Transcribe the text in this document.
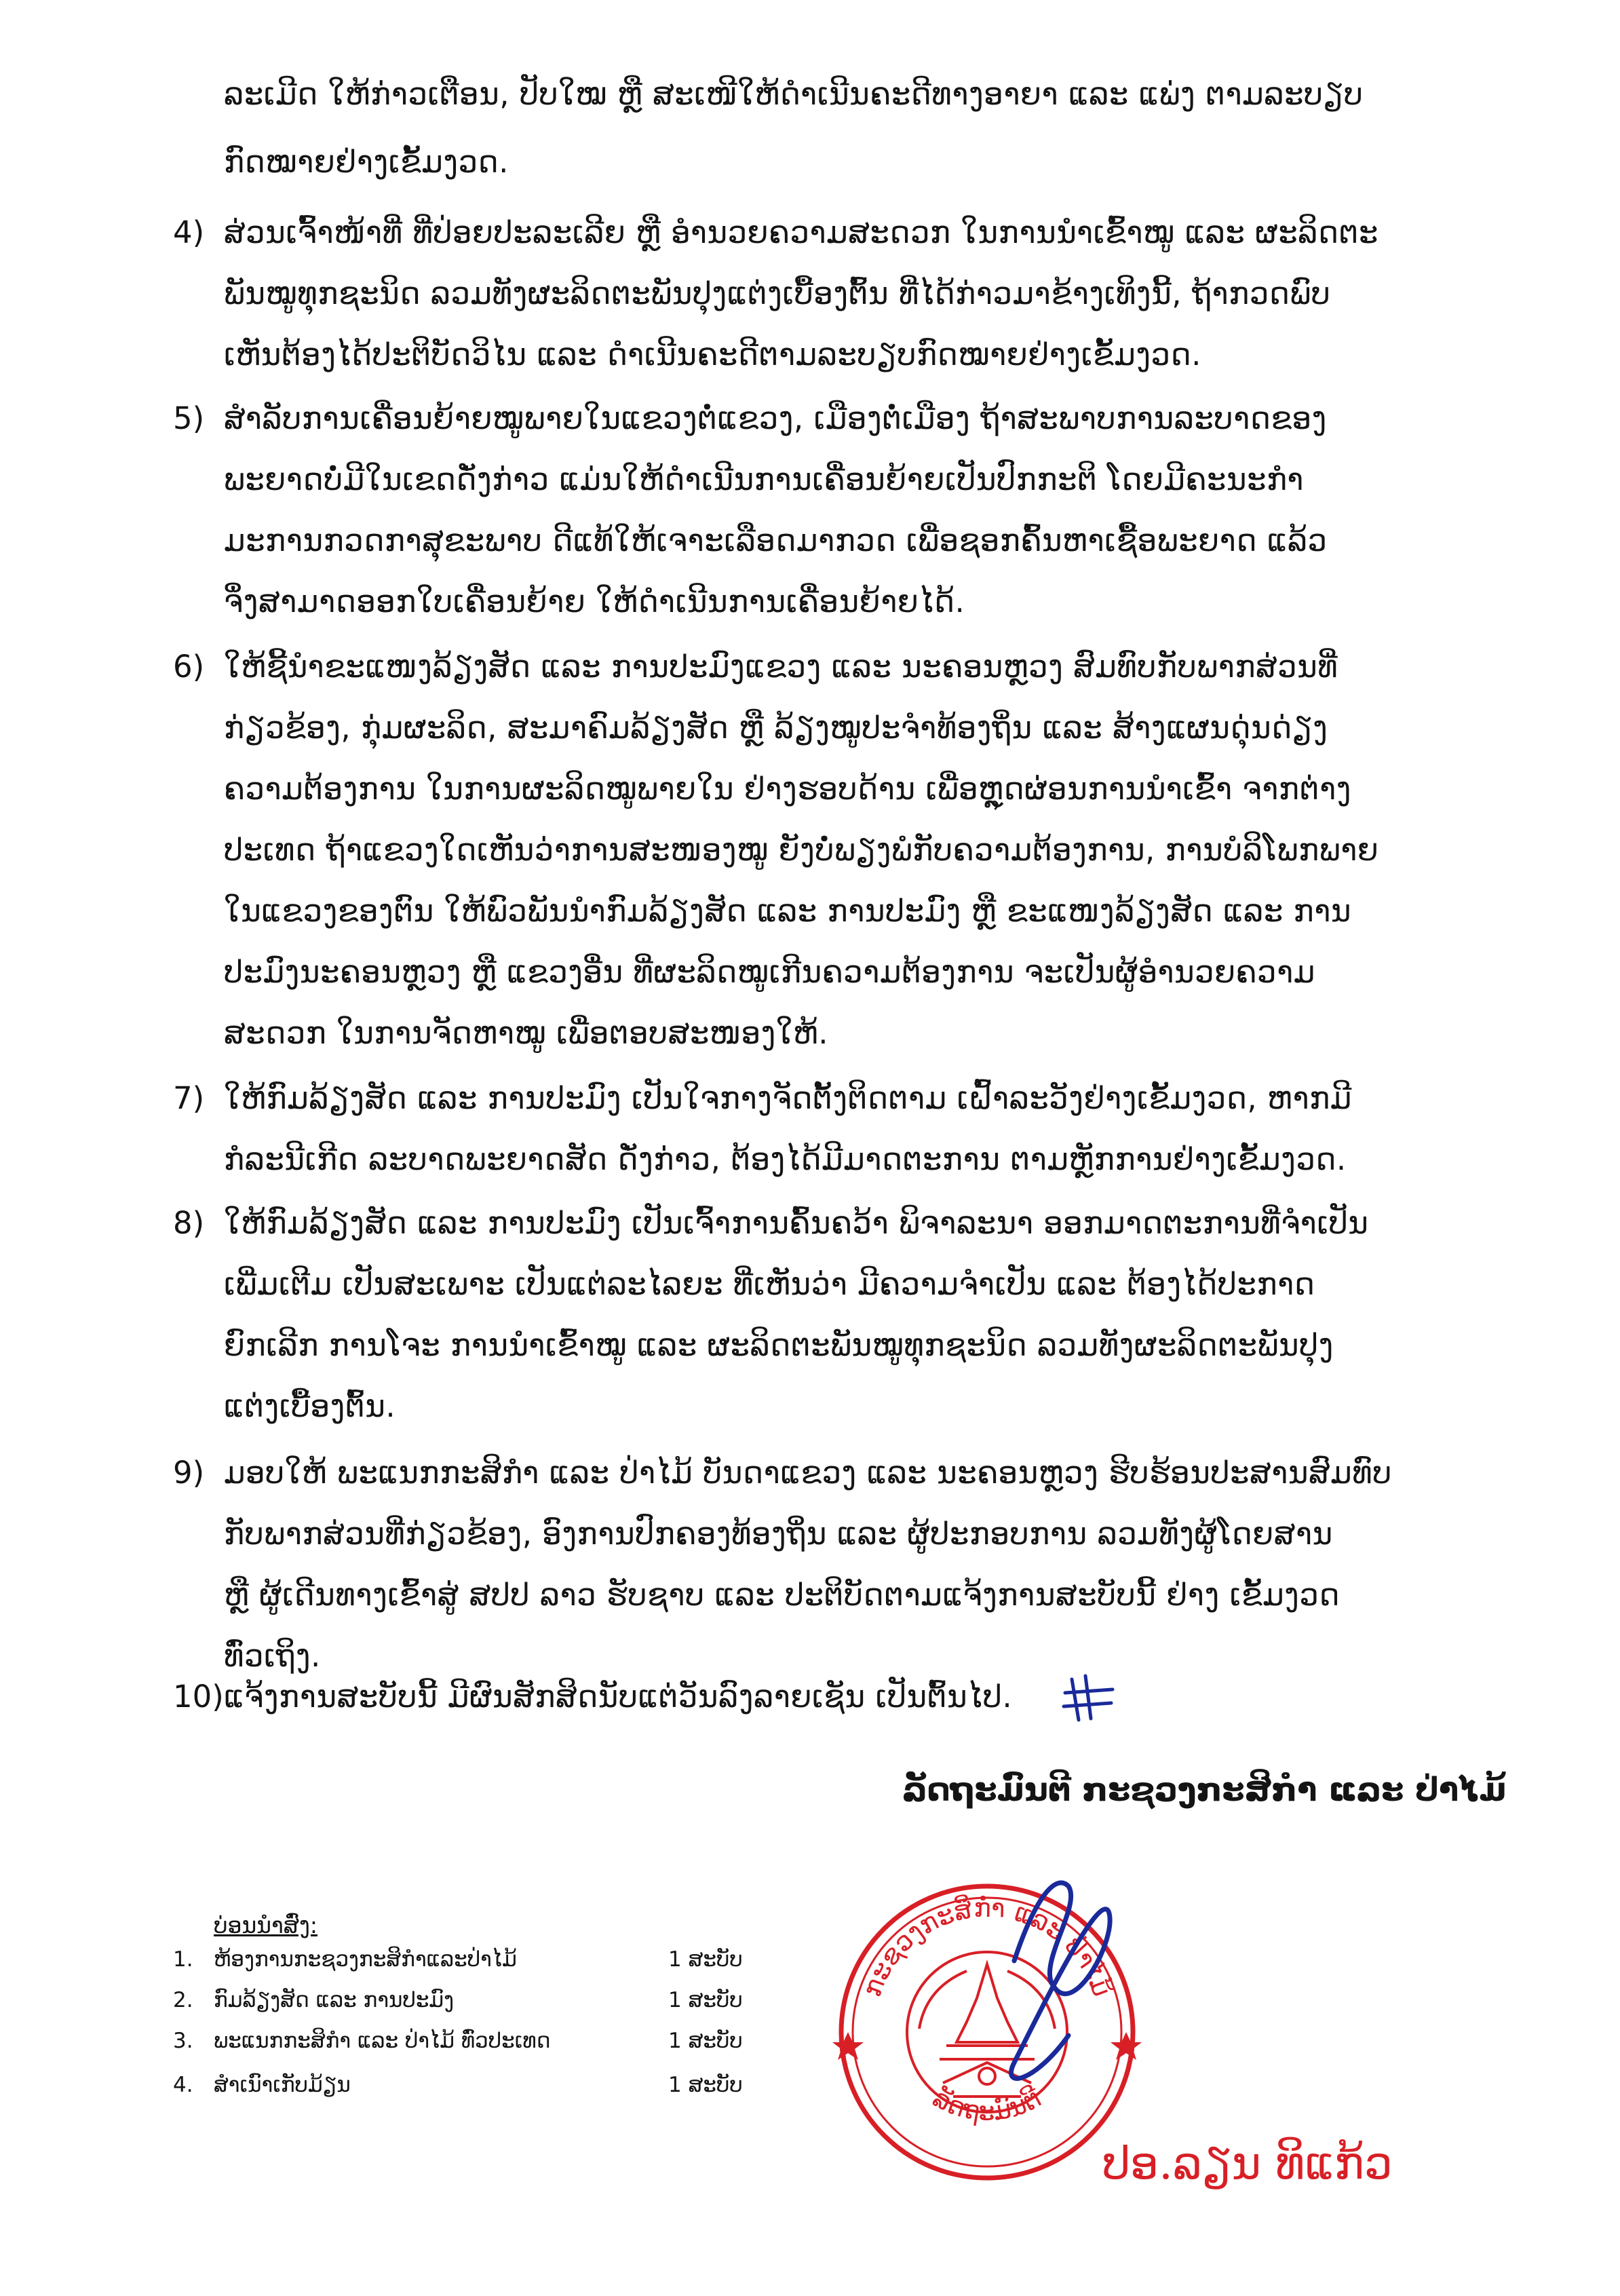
ລະເມີດ ໃຫ້ກ່າວເຕືອນ, ປັບໃໝ ຫຼື ສະເໜີໃຫ້ດຳເນີນຄະດີທາງອາຍາ ແລະ ແພ່ງ ຕາມລະບຽບ
ກົດໝາຍຢ່າງເຂັ້ມງວດ.
4) ສ່ວນເຈົ້າໜ້າທີ່ ທີ່ປ່ອຍປະລະເລີຍ ຫຼື ອຳນວຍຄວາມສະດວກ ໃນການນຳເຂົ້າໝູ ແລະ ຜະລິດຕະ
ພັນໝູທຸກຊະນິດ ລວມທັງຜະລິດຕະພັນປຸງແຕ່ງເບື້ອງຕົ້ນ ທີ່ໄດ້ກ່າວມາຂ້າງເທິງນີ້, ຖ້າກວດພົບ
ເຫັນຕ້ອງໄດ້ປະຕິບັດວິໄນ ແລະ ດຳເນີນຄະດີຕາມລະບຽບກົດໝາຍຢ່າງເຂັ້ມງວດ.
5) ສຳລັບການເຄື່ອນຍ້າຍໝູພາຍໃນແຂວງຕໍ່ແຂວງ, ເມືອງຕໍ່ເມືອງ ຖ້າສະພາບການລະບາດຂອງ
ພະຍາດບໍ່ມີໃນເຂດດັ່ງກ່າວ ແມ່ນໃຫ້ດຳເນີນການເຄື່ອນຍ້າຍເປັນປົກກະຕິ ໂດຍມີຄະນະກຳ
ມະການກວດກາສຸຂະພາບ ດີແທ້ໃຫ້ເຈາະເລືອດມາກວດ ເພື່ອຊອກຄົ້ນຫາເຊື້ອພະຍາດ ແລ້ວ
ຈຶ່ງສາມາດອອກໃບເຄື່ອນຍ້າຍ ໃຫ້ດຳເນີນການເຄື່ອນຍ້າຍໄດ້.
6) ໃຫ້ຊີ້ນຳຂະແໜງລ້ຽງສັດ ແລະ ການປະມົງແຂວງ ແລະ ນະຄອນຫຼວງ ສົມທົບກັບພາກສ່ວນທີ່
ກ່ຽວຂ້ອງ, ກຸ່ມຜະລິດ, ສະມາຄົມລ້ຽງສັດ ຫຼື ລ້ຽງໝູປະຈຳທ້ອງຖິ່ນ ແລະ ສ້າງແຜນດຸ່ນດ່ຽງ
ຄວາມຕ້ອງການ ໃນການຜະລິດໝູພາຍໃນ ຢ່າງຮອບດ້ານ ເພື່ອຫຼຸດຜ່ອນການນຳເຂົ້າ ຈາກຕ່າງ
ປະເທດ ຖ້າແຂວງໃດເຫັນວ່າການສະໜອງໝູ ຍັງບໍ່ພຽງພໍກັບຄວາມຕ້ອງການ, ການບໍລິໂພກພາຍ
ໃນແຂວງຂອງຕົນ ໃຫ້ພົວພັນນຳກົມລ້ຽງສັດ ແລະ ການປະມົງ ຫຼື ຂະແໜງລ້ຽງສັດ ແລະ ການ
ປະມົງນະຄອນຫຼວງ ຫຼື ແຂວງອື່ນ ທີ່ຜະລິດໝູເກີນຄວາມຕ້ອງການ ຈະເປັນຜູ້ອຳນວຍຄວາມ
ສະດວກ ໃນການຈັດຫາໝູ ເພື່ອຕອບສະໜອງໃຫ້.
7) ໃຫ້ກົມລ້ຽງສັດ ແລະ ການປະມົງ ເປັນໃຈກາງຈັດຕັ້ງຕິດຕາມ ເຝົ້າລະວັງຢ່າງເຂັ້ມງວດ, ຫາກມີ
ກໍລະນີເກີດ ລະບາດພະຍາດສັດ ດັ່ງກ່າວ, ຕ້ອງໄດ້ມີມາດຕະການ ຕາມຫຼັກການຢ່າງເຂັ້ມງວດ.
8) ໃຫ້ກົມລ້ຽງສັດ ແລະ ການປະມົງ ເປັນເຈົ້າການຄົ້ນຄວ້າ ພິຈາລະນາ ອອກມາດຕະການທີ່ຈຳເປັນ
ເພີ່ມເຕີມ ເປັນສະເພາະ ເປັນແຕ່ລະໄລຍະ ທີ່ເຫັນວ່າ ມີຄວາມຈຳເປັນ ແລະ ຕ້ອງໄດ້ປະກາດ
ຍົກເລີກ ການໂຈະ ການນຳເຂົ້າໝູ ແລະ ຜະລິດຕະພັນໝູທຸກຊະນິດ ລວມທັງຜະລິດຕະພັນປຸງ
ແຕ່ງເບື້ອງຕົ້ນ.
9) ມອບໃຫ້ ພະແນກກະສິກຳ ແລະ ປ່າໄມ້ ບັນດາແຂວງ ແລະ ນະຄອນຫຼວງ ຮີບຮ້ອນປະສານສົມທົບ
ກັບພາກສ່ວນທີ່ກ່ຽວຂ້ອງ, ອົງການປົກຄອງທ້ອງຖິ່ນ ແລະ ຜູ້ປະກອບການ ລວມທັງຜູ້ໂດຍສານ
ຫຼື ຜູ້ເດີນທາງເຂົ້າສູ່ ສປປ ລາວ ຮັບຊາບ ແລະ ປະຕິບັດຕາມແຈ້ງການສະບັບນີ້ ຢ່າງ ເຂັ້ມງວດ
ທົ່ວເຖິງ.
10) ແຈ້ງການສະບັບນີ້ ມີຜົນສັກສິດນັບແຕ່ວັນລົງລາຍເຊັນ ເປັນຕົ້ນໄປ.
ລັດຖະມົນຕີ ກະຊວງກະສິກຳ ແລະ ປ່າໄມ້
ບ່ອນນຳສົ່ງ:
1. ຫ້ອງການກະຊວງກະສິກຳແລະປ່າໄມ້	1 ສະບັບ
2. ກົມລ້ຽງສັດ ແລະ ການປະມົງ	1 ສະບັບ
3. ພະແນກກະສິກຳ ແລະ ປ່າໄມ້ ທົ່ວປະເທດ	1 ສະບັບ
4. ສຳເນົາເກັບມ້ຽນ	1 ສະບັບ
ກະຊວງກະສິກຳ ແລະ ປ່າໄມ້
ລັດຖະມົນຕີ
ປອ.ລຽນ ທິແກ້ວ
